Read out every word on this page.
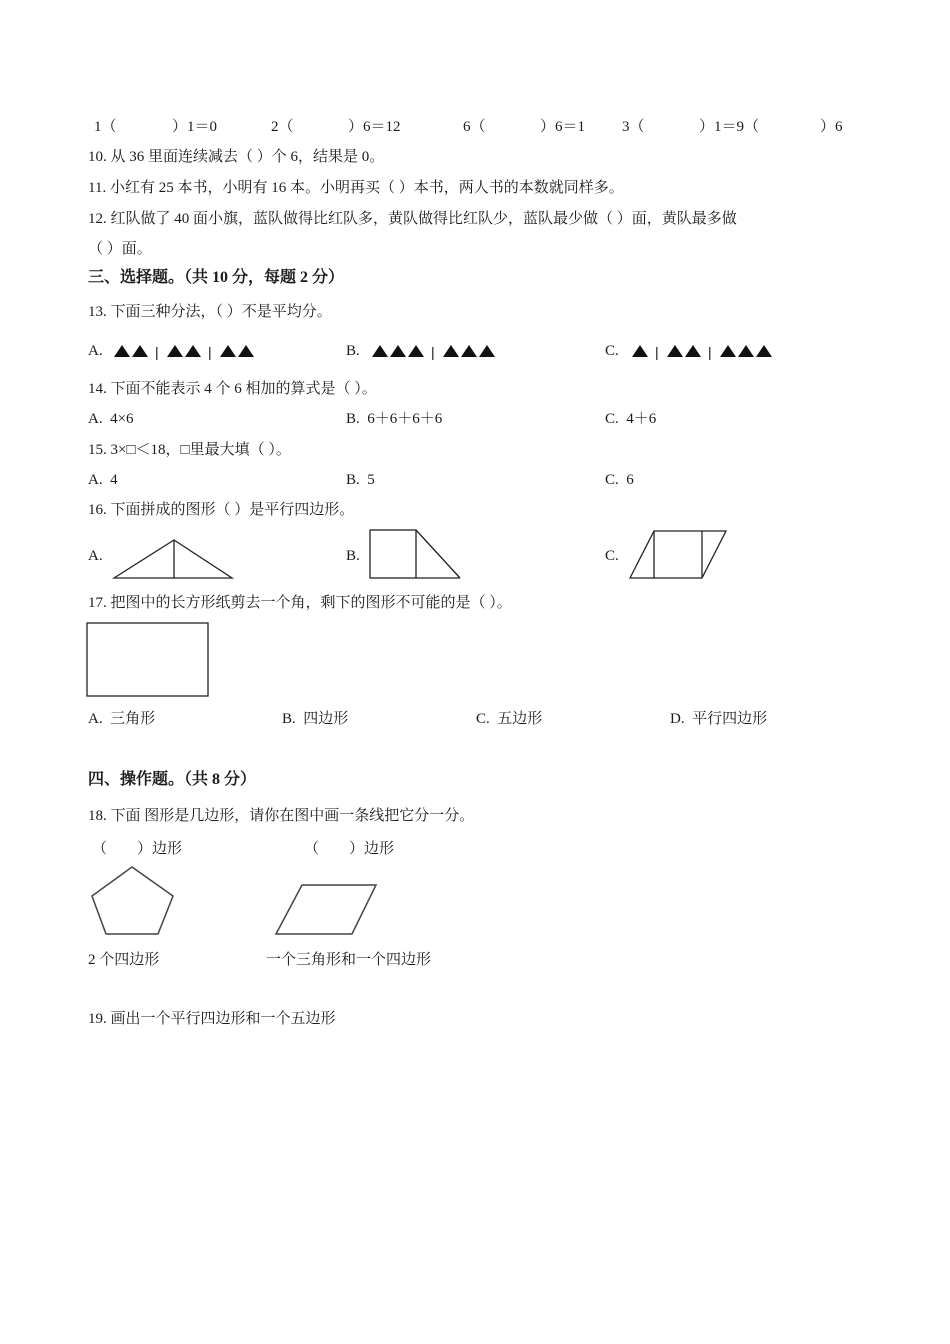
1（	）1＝0	2（	）6＝12	6（	）6＝1 3（	）1＝9（	）6
10. 从 36 里面连续减去（ ）个 6，结果是 0。
11. 小红有 25 本书，小明有 16 本。小明再买（ ）本书，两人书的本数就同样多。
12. 红队做了 40 面小旗，蓝队做得比红队多，黄队做得比红队少，蓝队最少做（ ）面，黄队最多做
（ ）面。
三、选择题。（共 10 分，每题 2 分）
13. 下面三种分法，（ ）不是平均分。
A.	|	|	B.	|	C.	|	|
14. 下面不能表示 4 个 6 相加的算式是（ ）。
A.  4×6	B.  6＋6＋6＋6	C.  4＋6
15. 3×□＜18，□里最大填（ ）。
A.  4	B.  5	C.  6
16. 下面拼成的图形（ ）是平行四边形。
A.	B.	C.
17. 把图中的长方形纸剪去一个角，剩下的图形不可能的是（ ）。
A.  三角形	B.  四边形	C.  五边形	D.  平行四边形
四、操作题。（共 8 分）
18. 下面 图形是几边形，请你在图中画一条线把它分一分。
（        ）边形	（        ）边形
2 个四边形	一个三角形和一个四边形
19. 画出一个平行四边形和一个五边形
